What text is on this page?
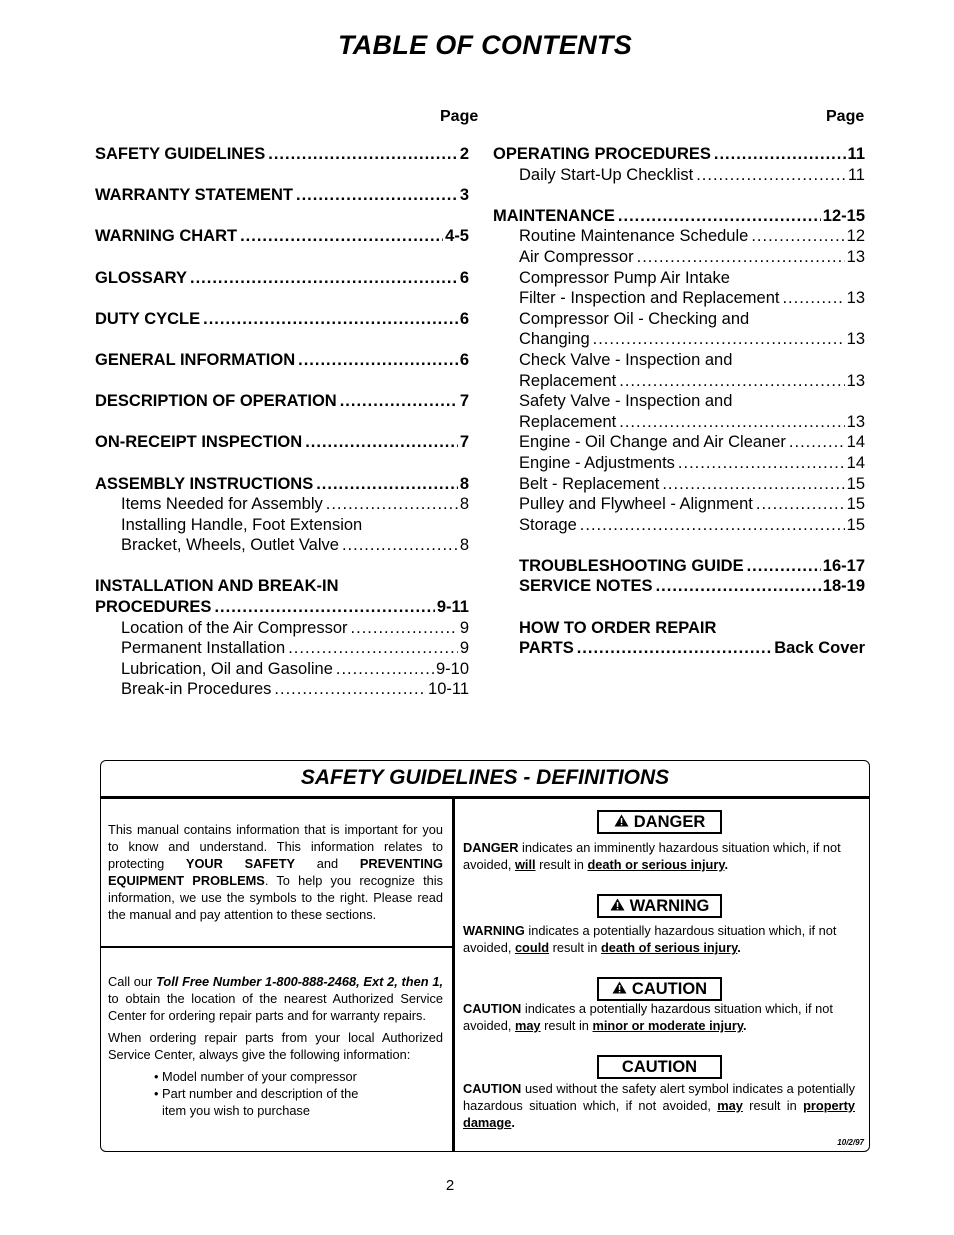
TABLE OF CONTENTS
Page	Page
SAFETY GUIDELINES .....	2
WARRANTY STATEMENT .....	3
WARNING CHART .....	4-5
GLOSSARY .....	6
DUTY CYCLE .....	6
GENERAL INFORMATION .....	6
DESCRIPTION OF OPERATION .....	7
ON-RECEIPT INSPECTION .....	7
ASSEMBLY INSTRUCTIONS .....	8
Items Needed for Assembly .....	8
Installing Handle, Foot Extension
Bracket, Wheels, Outlet Valve .....	8
INSTALLATION AND BREAK-IN
PROCEDURES .....	9-11
Location of the Air Compressor .....	9
Permanent Installation .....	9
Lubrication, Oil and Gasoline .....	9-10
Break-in Procedures .....	10-11
OPERATING PROCEDURES .....	11
Daily Start-Up Checklist .....	11
MAINTENANCE .....	12-15
Routine Maintenance Schedule .....	12
Air Compressor .....	13
Compressor Pump Air Intake
Filter - Inspection and Replacement .....	13
Compressor Oil - Checking and
Changing .....	13
Check Valve - Inspection and
Replacement .....	13
Safety Valve - Inspection and
Replacement .....	13
Engine - Oil Change and Air Cleaner .....	14
Engine - Adjustments .....	14
Belt - Replacement .....	15
Pulley and Flywheel - Alignment .....	15
Storage .....	15
TROUBLESHOOTING GUIDE .....	16-17
SERVICE NOTES .....	18-19
HOW TO ORDER REPAIR
PARTS .....	Back Cover
SAFETY GUIDELINES - DEFINITIONS

This manual contains information that is important for you to know and understand. This information relates to protecting YOUR SAFETY and PREVENTING EQUIPMENT PROBLEMS. To help you recognize this information, we use the symbols to the right. Please read the manual and pay attention to these sections.

Call our Toll Free Number 1-800-888-2468, Ext 2, then 1, to obtain the location of the nearest Authorized Service Center for ordering repair parts and for warranty repairs.

When ordering repair parts from your local Authorized Service Center, always give the following information:

• Model number of your compressor
• Part number and description of the
item you wish to purchase
DANGER
DANGER indicates an imminently hazardous situation which, if not avoided, will result in death or serious injury.
WARNING
WARNING indicates a potentially hazardous situation which, if not avoided, could result in death of serious injury.
CAUTION
CAUTION indicates a potentially hazardous situation which, if not avoided, may result in minor or moderate injury.
CAUTION
CAUTION used without the safety alert symbol indicates a potentially hazardous situation which, if not avoided, may result in property damage.
10/2/97
2
